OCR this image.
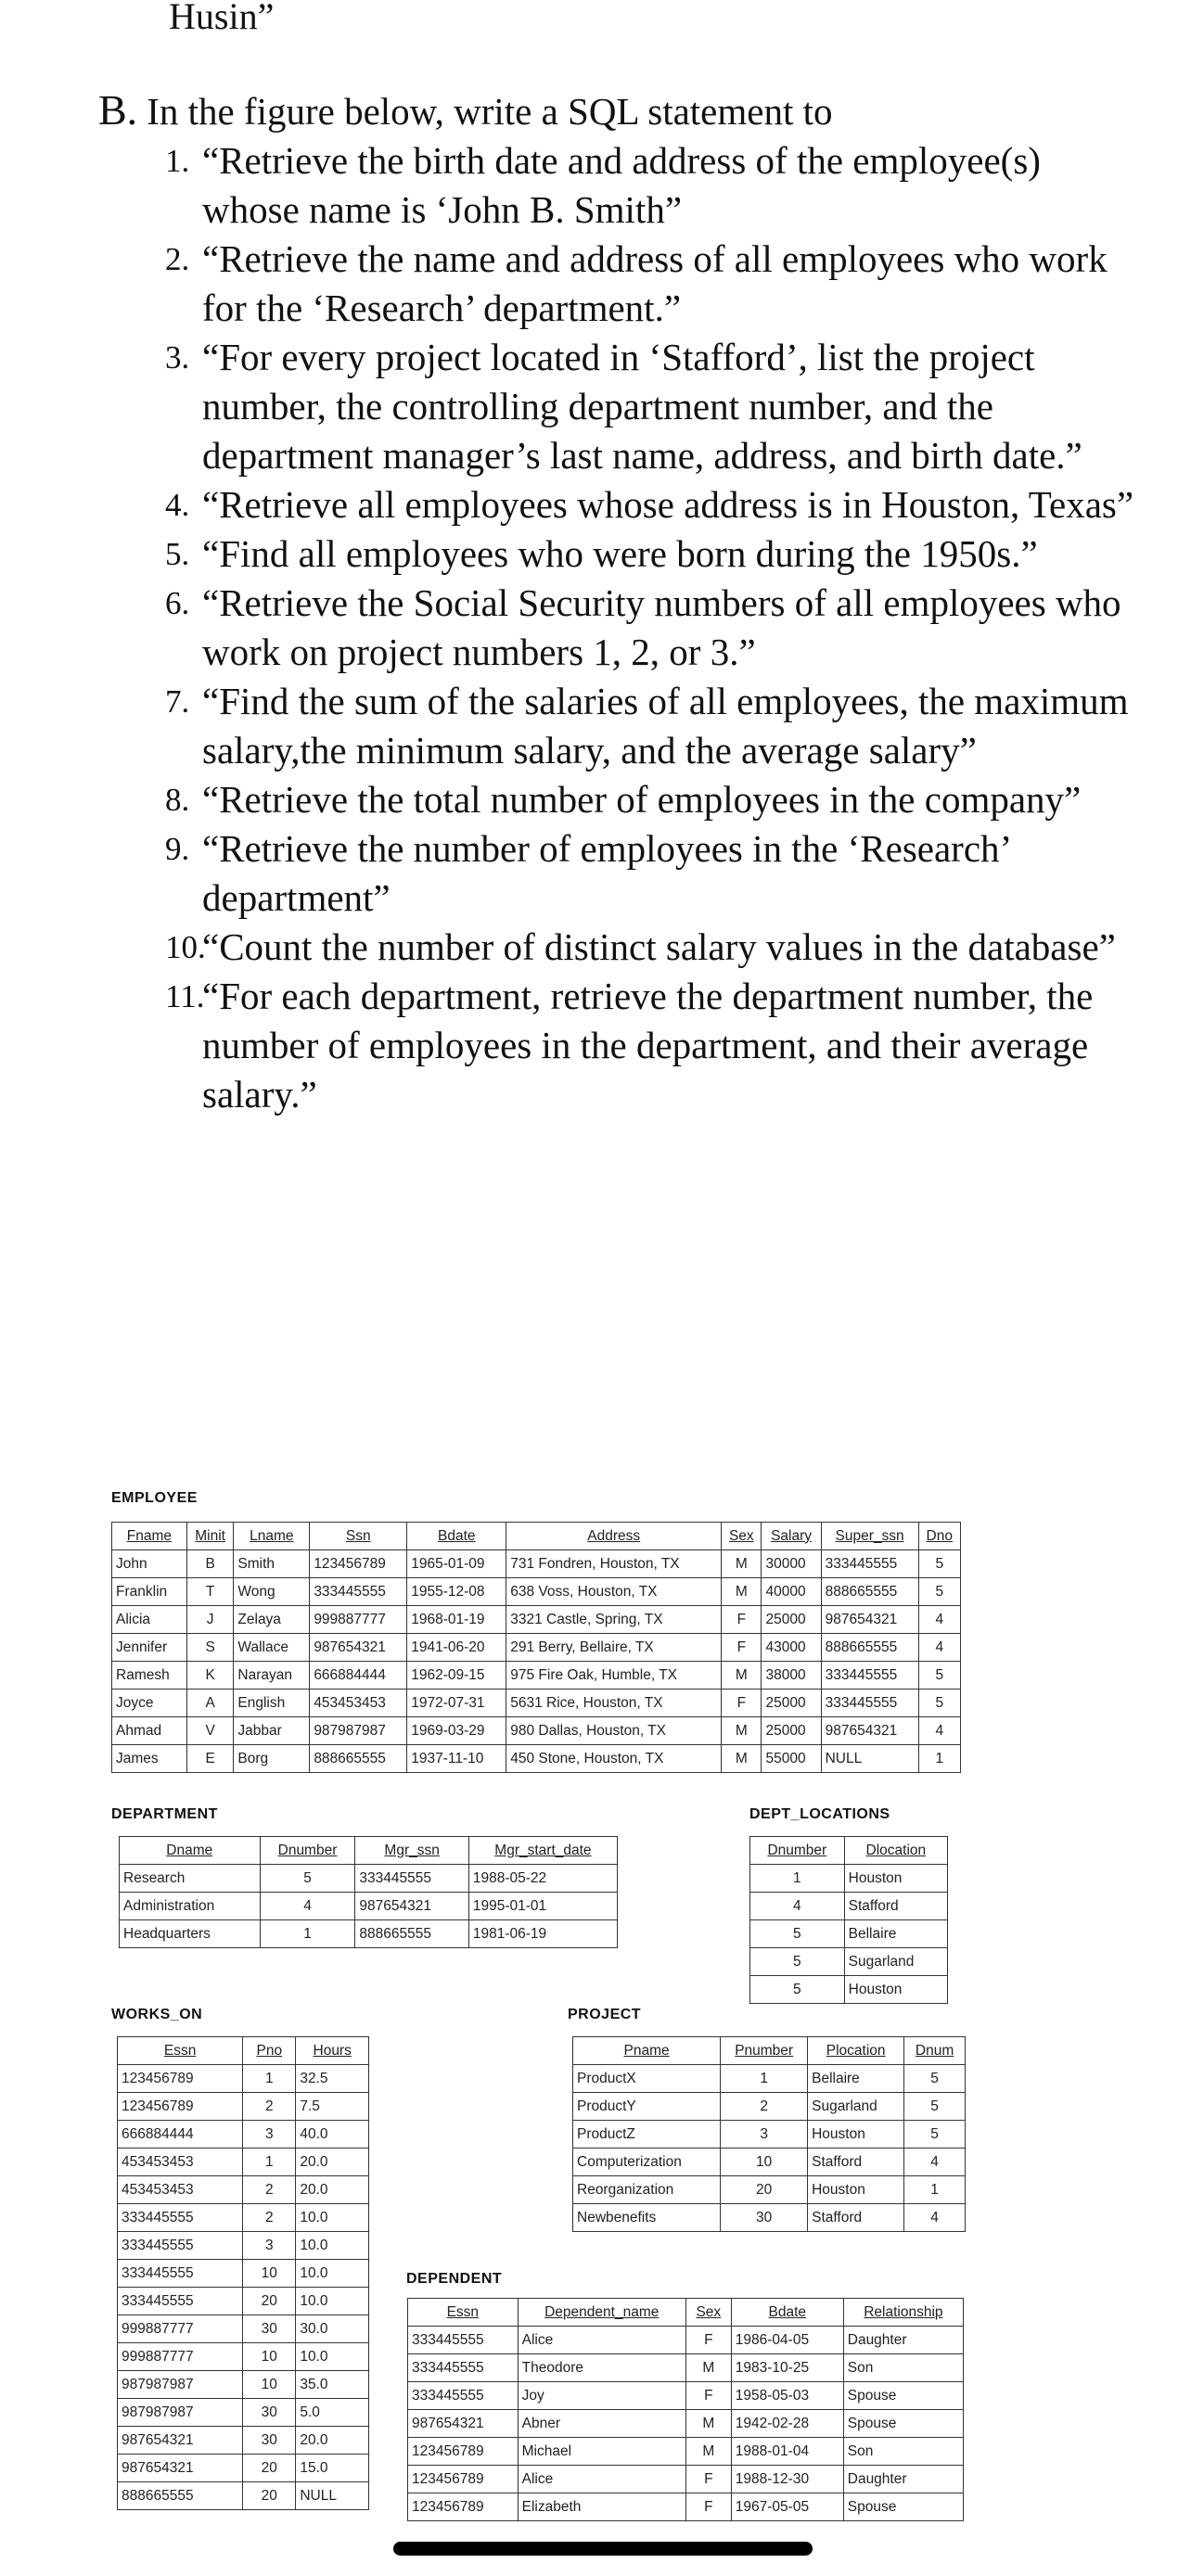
Husin”
B. In the figure below, write a SQL statement to
1. “Retrieve the birth date and address of the employee(s) whose name is ‘John B. Smith”
2. “Retrieve the name and address of all employees who work for the ‘Research’ department.”
3. “For every project located in ‘Stafford’, list the project number, the controlling department number, and the department manager’s last name, address, and birth date.”
4. “Retrieve all employees whose address is in Houston, Texas”
5. “Find all employees who were born during the 1950s.”
6. “Retrieve the Social Security numbers of all employees who work on project numbers 1, 2, or 3.”
7. “Find the sum of the salaries of all employees, the maximum salary,the minimum salary, and the average salary”
8. “Retrieve the total number of employees in the company”
9. “Retrieve the number of employees in the ‘Research’ department”
10.
“Count the number of distinct salary values in the database”
11.
“For each department, retrieve the department number, the number of employees in the department, and their average salary.”
EMPLOYEE
Fname	Minit	Lname	Ssn	Bdate	Address	Sex	Salary	Super_ssn	Dno
John	B	Smith	123456789	1965-01-09	731 Fondren, Houston, TX	M	30000	333445555	5
Franklin	T	Wong	333445555	1955-12-08	638 Voss, Houston, TX	M	40000	888665555	5
Alicia	J	Zelaya	999887777	1968-01-19	3321 Castle, Spring, TX	F	25000	987654321	4
Jennifer	S	Wallace	987654321	1941-06-20	291 Berry, Bellaire, TX	F	43000	888665555	4
Ramesh	K	Narayan	666884444	1962-09-15	975 Fire Oak, Humble, TX	M	38000	333445555	5
Joyce	A	English	453453453	1972-07-31	5631 Rice, Houston, TX	F	25000	333445555	5
Ahmad	V	Jabbar	987987987	1969-03-29	980 Dallas, Houston, TX	M	25000	987654321	4
James	E	Borg	888665555	1937-11-10	450 Stone, Houston, TX	M	55000	NULL	1
DEPARTMENT
Dname	Dnumber	Mgr_ssn	Mgr_start_date
Research	5	333445555	1988-05-22
Administration	4	987654321	1995-01-01
Headquarters	1	888665555	1981-06-19
DEPT_LOCATIONS
Dnumber	Dlocation
1	Houston
4	Stafford
5	Bellaire
5	Sugarland
5	Houston
WORKS_ON
Essn	Pno	Hours
123456789	1	32.5
123456789	2	7.5
666884444	3	40.0
453453453	1	20.0
453453453	2	20.0
333445555	2	10.0
333445555	3	10.0
333445555	10	10.0
333445555	20	10.0
999887777	30	30.0
999887777	10	10.0
987987987	10	35.0
987987987	30	5.0
987654321	30	20.0
987654321	20	15.0
888665555	20	NULL
PROJECT
Pname	Pnumber	Plocation	Dnum
ProductX	1	Bellaire	5
ProductY	2	Sugarland	5
ProductZ	3	Houston	5
Computerization	10	Stafford	4
Reorganization	20	Houston	1
Newbenefits	30	Stafford	4
DEPENDENT
Essn	Dependent_name	Sex	Bdate	Relationship
333445555	Alice	F	1986-04-05	Daughter
333445555	Theodore	M	1983-10-25	Son
333445555	Joy	F	1958-05-03	Spouse
987654321	Abner	M	1942-02-28	Spouse
123456789	Michael	M	1988-01-04	Son
123456789	Alice	F	1988-12-30	Daughter
123456789	Elizabeth	F	1967-05-05	Spouse
